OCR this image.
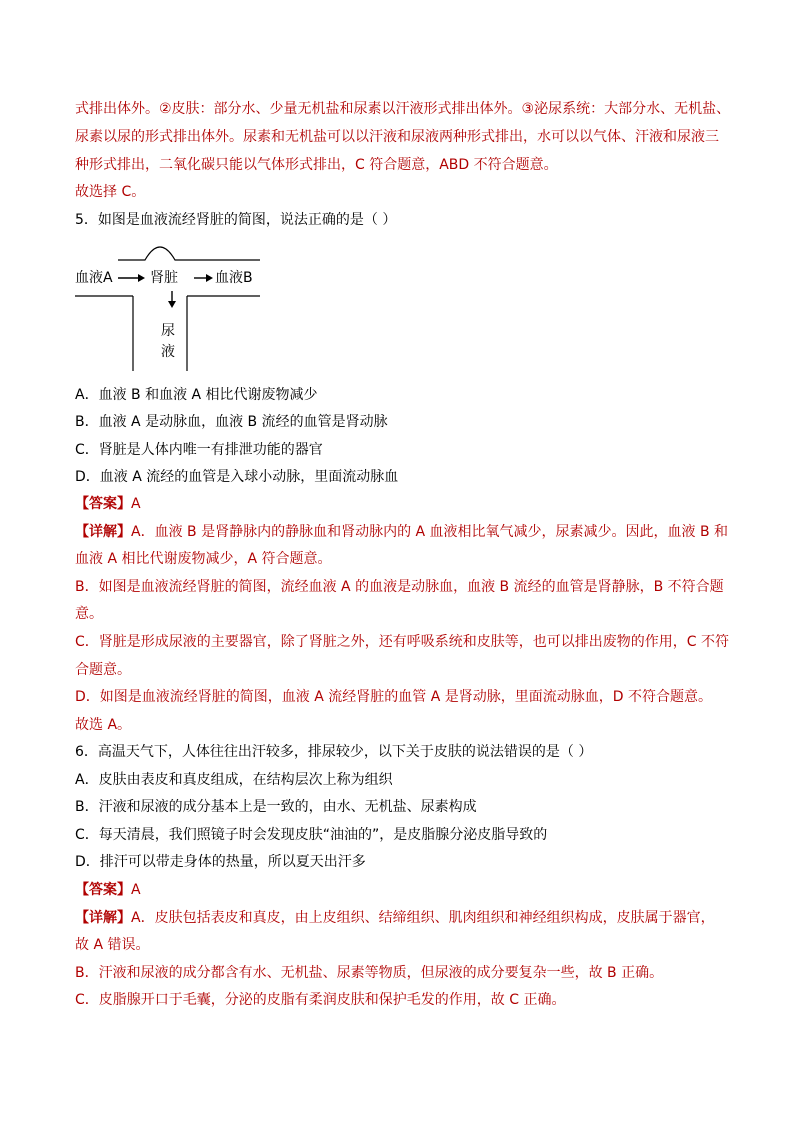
式排出体外。②皮肤：部分水、少量无机盐和尿素以汗液形式排出体外。③泌尿系统：大部分水、无机盐、
尿素以尿的形式排出体外。尿素和无机盐可以以汗液和尿液两种形式排出，水可以以气体、汗液和尿液三
种形式排出，二氧化碳只能以气体形式排出，C 符合题意，ABD 不符合题意。
故选择 C。
5．如图是血液流经肾脏的简图，说法正确的是（ ）
血液A	肾脏	血液B
尿
液
A．血液 B 和血液 A 相比代谢废物减少
B．血液 A 是动脉血，血液 B 流经的血管是肾动脉
C．肾脏是人体内唯一有排泄功能的器官
D．血液 A 流经的血管是入球小动脉，里面流动脉血
【答案】A
【详解】A．血液 B 是肾静脉内的静脉血和肾动脉内的 A 血液相比氧气减少，尿素减少。因此，血液 B 和
血液 A 相比代谢废物减少，A 符合题意。
B．如图是血液流经肾脏的简图，流经血液 A 的血液是动脉血，血液 B 流经的血管是肾静脉，B 不符合题
意。
C．肾脏是形成尿液的主要器官，除了肾脏之外，还有呼吸系统和皮肤等，也可以排出废物的作用，C 不符
合题意。
D．如图是血液流经肾脏的简图，血液 A 流经肾脏的血管 A 是肾动脉，里面流动脉血，D 不符合题意。
故选 A。
6．高温天气下，人体往往出汗较多，排尿较少，以下关于皮肤的说法错误的是（ ）
A．皮肤由表皮和真皮组成，在结构层次上称为组织
B．汗液和尿液的成分基本上是一致的，由水、无机盐、尿素构成
C．每天清晨，我们照镜子时会发现皮肤“油油的”，是皮脂腺分泌皮脂导致的
D．排汗可以带走身体的热量，所以夏天出汗多
【答案】A
【详解】A．皮肤包括表皮和真皮，由上皮组织、结缔组织、肌肉组织和神经组织构成，皮肤属于器官，
故 A 错误。
B．汗液和尿液的成分都含有水、无机盐、尿素等物质，但尿液的成分要复杂一些，故 B 正确。
C．皮脂腺开口于毛囊，分泌的皮脂有柔润皮肤和保护毛发的作用，故 C 正确。
